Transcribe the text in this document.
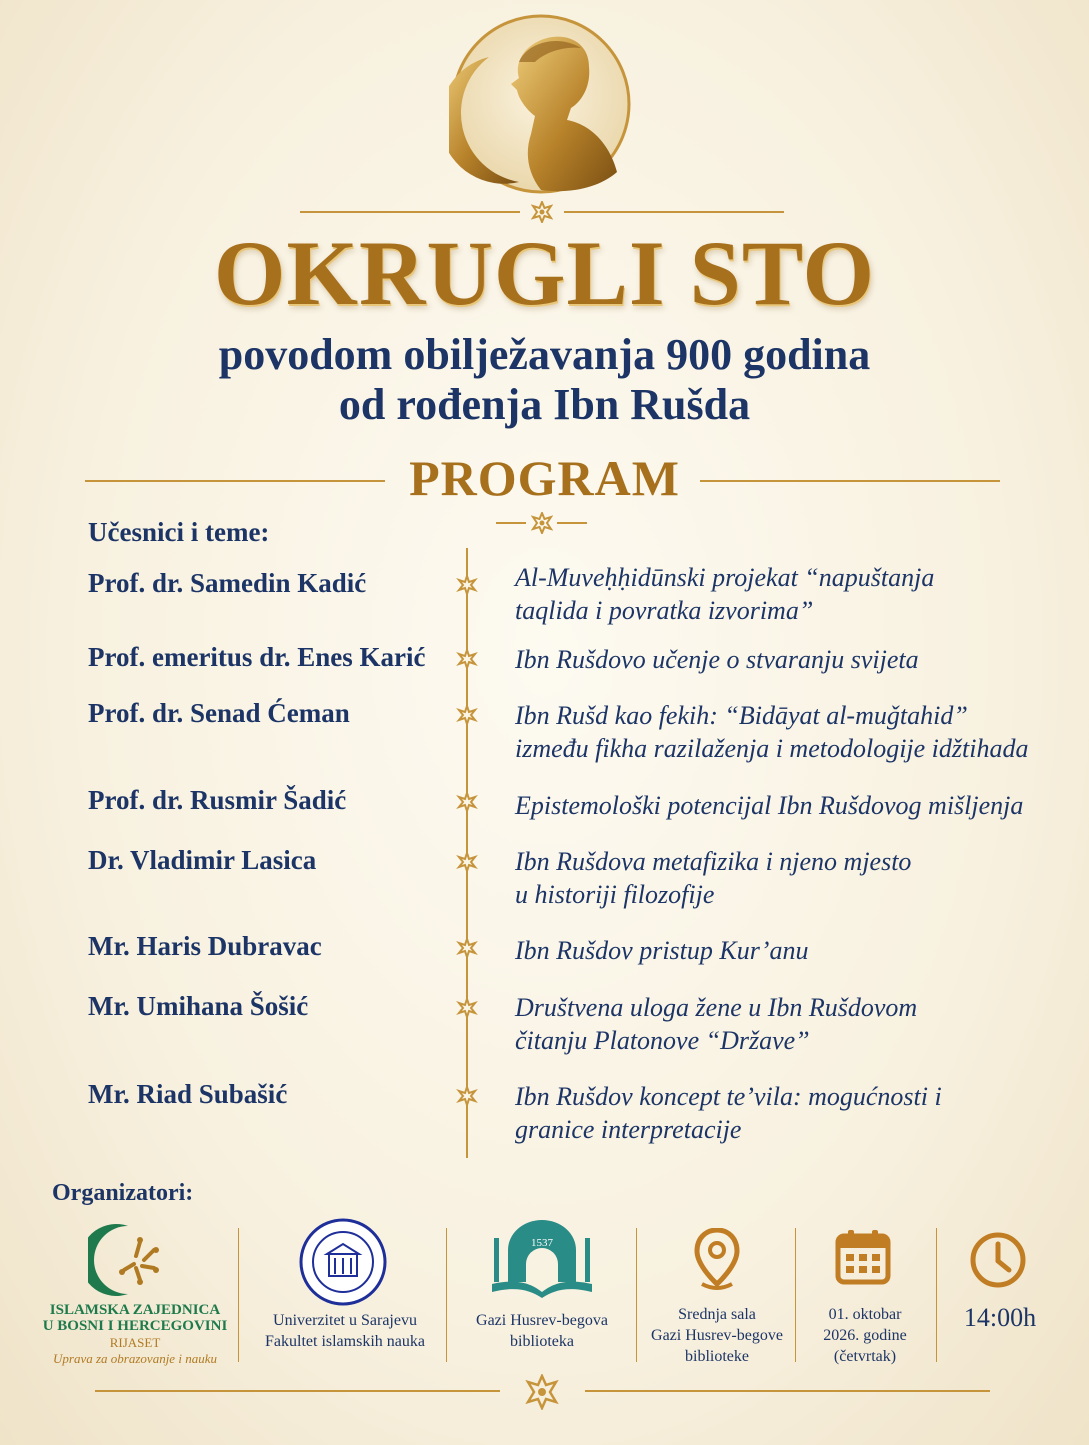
OKRUGLI STO
povodom obilježavanja 900 godina
od rođenja Ibn Rušda
PROGRAM
Učesnici i teme:
Prof. dr. Samedin Kadić	Al-Muveḥḥidūnski projekat “napuštanja
taqlida i povratka izvorima”
Prof. emeritus dr. Enes Karić	Ibn Rušdovo učenje o stvaranju svijeta
Prof. dr. Senad Ćeman	Ibn Rušd kao fekih: “Bidāyat al-muǧtahid”
između fikha razilaženja i metodologije idžtihada
Prof. dr. Rusmir Šadić	Epistemološki potencijal Ibn Rušdovog mišljenja
Dr. Vladimir Lasica	Ibn Rušdova metafizika i njeno mjesto
u historiji filozofije
Mr. Haris Dubravac	Ibn Rušdov pristup Kur’anu
Mr. Umihana Šošić	Društvena uloga žene u Ibn Rušdovom
čitanju Platonove “Države”
Mr. Riad Subašić	Ibn Rušdov koncept te’vila: mogućnosti i
granice interpretacije
Organizatori:
ISLAMSKA ZAJEDNICA
U BOSNI I HERCEGOVINI
RIJASET
Uprava za obrazovanje i nauku
Univerzitet u Sarajevu
Fakultet islamskih nauka
1537
Gazi Husrev-begova
biblioteka
Srednja sala
Gazi Husrev-begove
biblioteke
01. oktobar
2026. godine
(četvrtak)
14:00h
